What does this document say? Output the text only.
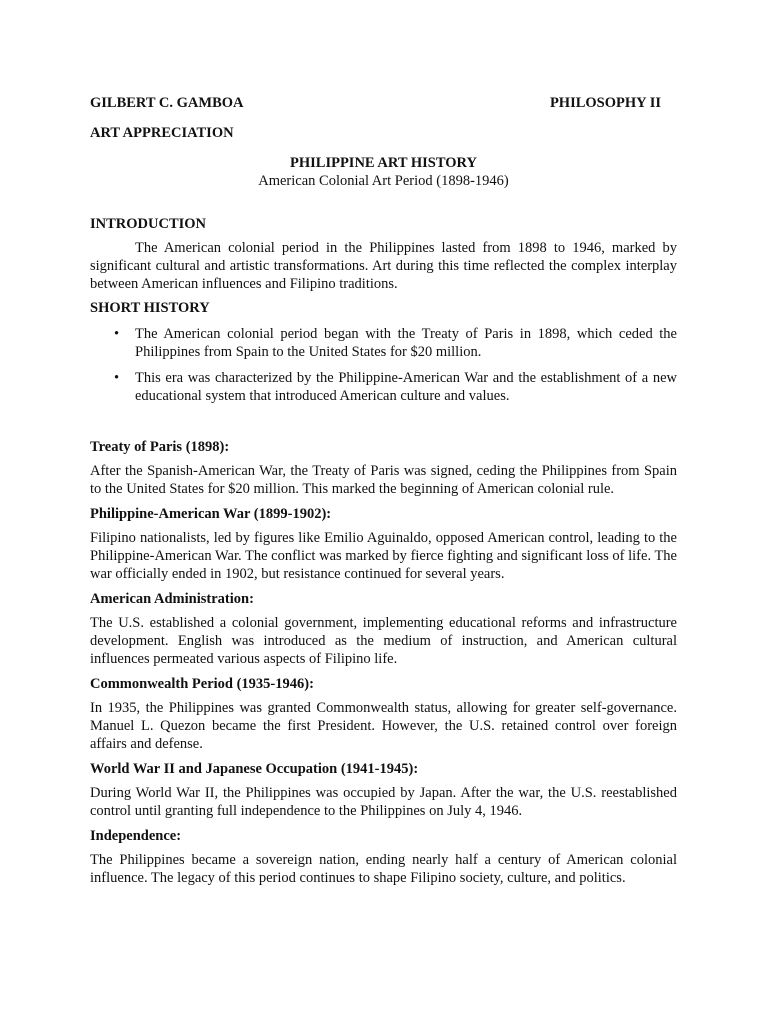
GILBERT C. GAMBOA	PHILOSOPHY II
ART APPRECIATION
PHILIPPINE ART HISTORY
American Colonial Art Period (1898-1946)
INTRODUCTION
The American colonial period in the Philippines lasted from 1898 to 1946, marked by significant cultural and artistic transformations. Art during this time reflected the complex interplay between American influences and Filipino traditions.
SHORT HISTORY
• The American colonial period began with the Treaty of Paris in 1898, which ceded the Philippines from Spain to the United States for $20 million.
• This era was characterized by the Philippine-American War and the establishment of a new educational system that introduced American culture and values.
Treaty of Paris (1898):
After the Spanish-American War, the Treaty of Paris was signed, ceding the Philippines from Spain to the United States for $20 million. This marked the beginning of American colonial rule.
Philippine-American War (1899-1902):
Filipino nationalists, led by figures like Emilio Aguinaldo, opposed American control, leading to the Philippine-American War. The conflict was marked by fierce fighting and significant loss of life. The war officially ended in 1902, but resistance continued for several years.
American Administration:
The U.S. established a colonial government, implementing educational reforms and infrastructure development. English was introduced as the medium of instruction, and American cultural influences permeated various aspects of Filipino life.
Commonwealth Period (1935-1946):
In 1935, the Philippines was granted Commonwealth status, allowing for greater self-governance. Manuel L. Quezon became the first President. However, the U.S. retained control over foreign affairs and defense.
World War II and Japanese Occupation (1941-1945):
During World War II, the Philippines was occupied by Japan. After the war, the U.S. reestablished control until granting full independence to the Philippines on July 4, 1946.
Independence:
The Philippines became a sovereign nation, ending nearly half a century of American colonial influence. The legacy of this period continues to shape Filipino society, culture, and politics.
